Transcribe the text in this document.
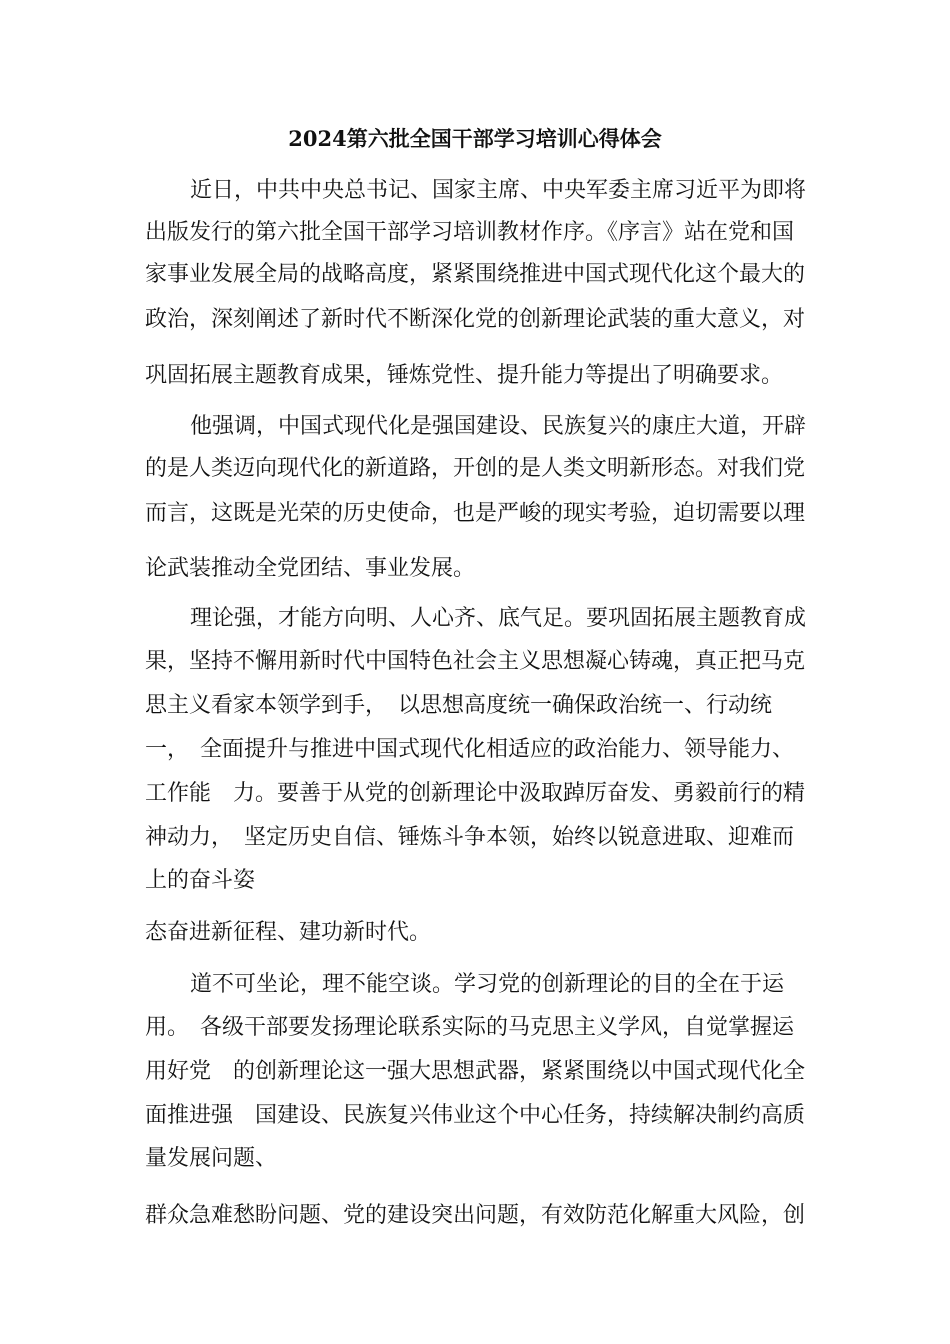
2024第六批全国干部学习培训心得体会
近日，中共中央总书记、国家主席、中央军委主席习近平为即将
出版发行的第六批全国干部学习培训教材作序。《序言》站在党和国
家事业发展全局的战略高度，紧紧围绕推进中国式现代化这个最大的
政治，深刻阐述了新时代不断深化党的创新理论武装的重大意义，对
巩固拓展主题教育成果，锤炼党性、提升能力等提出了明确要求。
他强调，中国式现代化是强国建设、民族复兴的康庄大道，开辟
的是人类迈向现代化的新道路，开创的是人类文明新形态。对我们党
而言，这既是光荣的历史使命，也是严峻的现实考验，迫切需要以理
论武装推动全党团结、事业发展。
理论强，才能方向明、人心齐、底气足。要巩固拓展主题教育成
果，坚持不懈用新时代中国特色社会主义思想凝心铸魂，真正把马克
思主义看家本领学到手，　以思想高度统一确保政治统一、行动统
一，　全面提升与推进中国式现代化相适应的政治能力、领导能力、
工作能　力。要善于从党的创新理论中汲取踔厉奋发、勇毅前行的精
神动力，　坚定历史自信、锤炼斗争本领，始终以锐意进取、迎难而
上的奋斗姿
态奋进新征程、建功新时代。
道不可坐论，理不能空谈。学习党的创新理论的目的全在于运
用。　各级干部要发扬理论联系实际的马克思主义学风，自觉掌握运
用好党　的创新理论这一强大思想武器，紧紧围绕以中国式现代化全
面推进强　国建设、民族复兴伟业这个中心任务，持续解决制约高质
量发展问题、
群众急难愁盼问题、党的建设突出问题，有效防范化解重大风险，创
